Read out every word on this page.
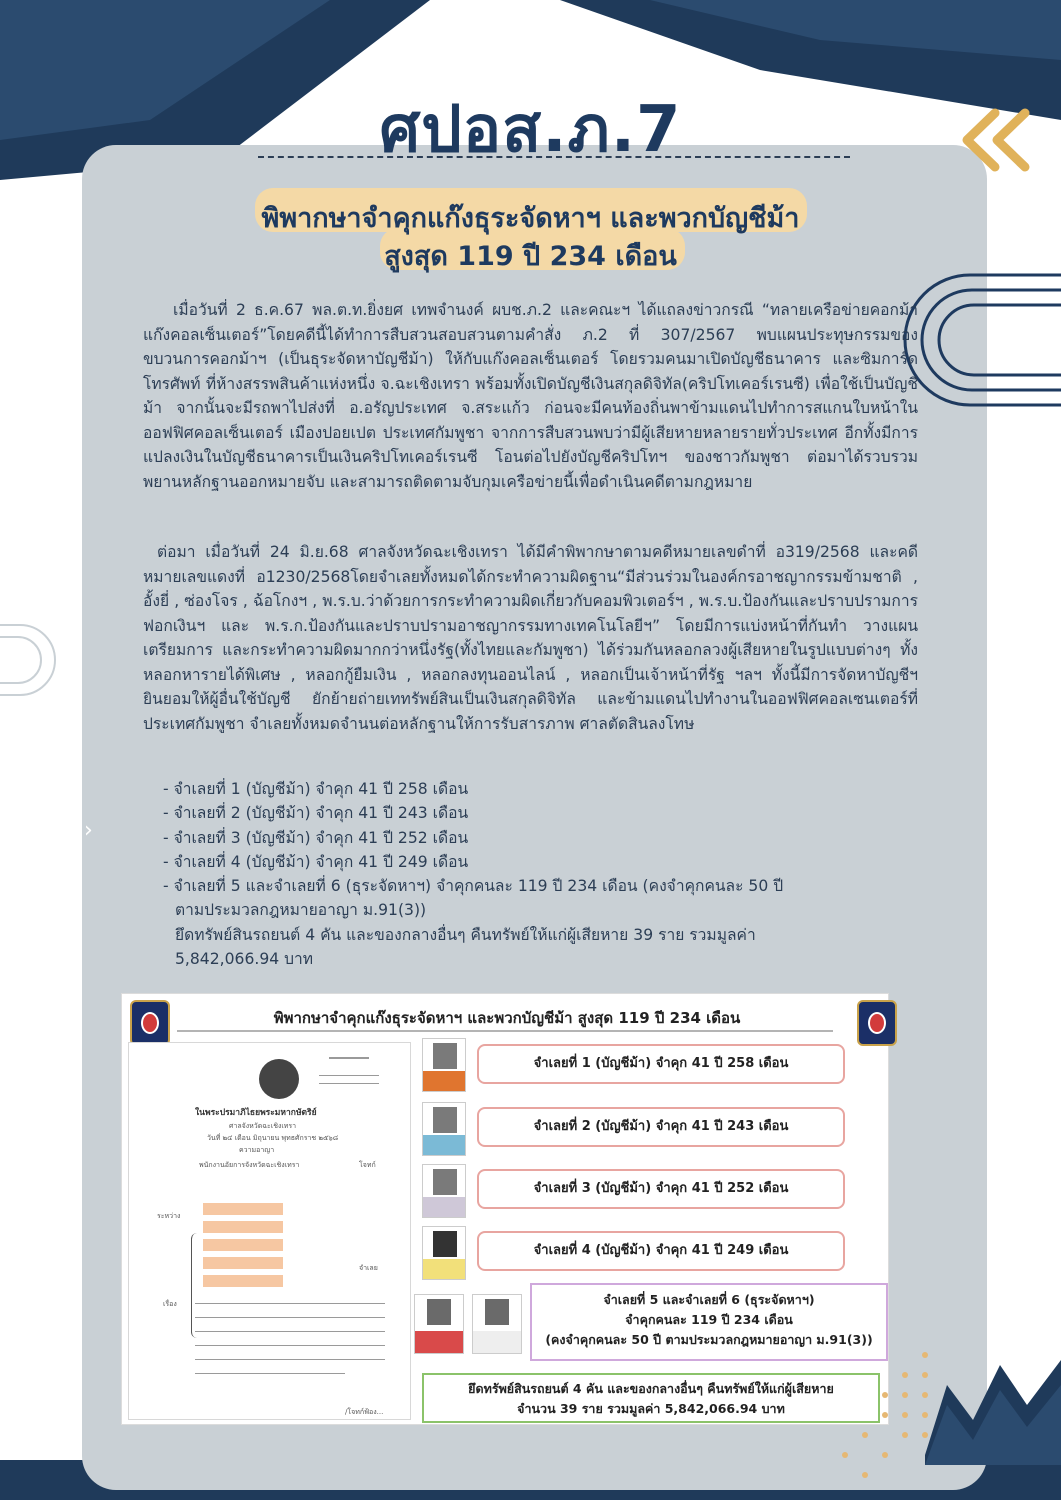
ศปอส.ภ.7
พิพากษาจำคุกแก๊งธุระจัดหาฯ และพวกบัญชีม้า
สูงสุด 119 ปี 234 เดือน
เมื่อวันที่ 2 ธ.ค.67 พล.ต.ท.ยิ่งยศ เทพจำนงค์ ผบช.ภ.2 และคณะฯ ได้แถลงข่าวกรณี “ทลายเครือข่ายคอกม้า แก๊งคอลเซ็นเตอร์”โดยคดีนี้ได้ทำการสืบสวนสอบสวนตามคำสั่ง ภ.2 ที่ 307/2567 พบแผนประทุษกรรมของขบวนการคอกม้าฯ (เป็นธุระจัดหาบัญชีม้า) ให้กับแก๊งคอลเซ็นเตอร์ โดยรวมคนมาเปิดบัญชีธนาคาร และซิมการ์ดโทรศัพท์ ที่ห้างสรรพสินค้าแห่งหนึ่ง จ.ฉะเชิงเทรา พร้อมทั้งเปิดบัญชีเงินสกุลดิจิทัล(คริปโทเคอร์เรนซี) เพื่อใช้เป็นบัญชีม้า จากนั้นจะมีรถพาไปส่งที่ อ.อรัญประเทศ จ.สระแก้ว ก่อนจะมีคนท้องถิ่นพาข้ามแดนไปทำการสแกนใบหน้าในออฟฟิศคอลเซ็นเตอร์ เมืองปอยเปต ประเทศกัมพูชา จากการสืบสวนพบว่ามีผู้เสียหายหลายรายทั่วประเทศ อีกทั้งมีการแปลงเงินในบัญชีธนาคารเป็นเงินคริปโทเคอร์เรนซี โอนต่อไปยังบัญชีคริปโทฯ ของชาวกัมพูชา ต่อมาได้รวบรวมพยานหลักฐานออกหมายจับ และสามารถติดตามจับกุมเครือข่ายนี้เพื่อดำเนินคดีตามกฎหมาย
ต่อมา เมื่อวันที่ 24 มิ.ย.68 ศาลจังหวัดฉะเชิงเทรา ได้มีคำพิพากษาตามคดีหมายเลขดำที่ อ319/2568 และคดีหมายเลขแดงที่ อ1230/2568โดยจำเลยทั้งหมดได้กระทำความผิดฐาน“มีส่วนร่วมในองค์กรอาชญากรรมข้ามชาติ , อั้งยี่ , ซ่องโจร , ฉ้อโกงฯ , พ.ร.บ.ว่าด้วยการกระทำความผิดเกี่ยวกับคอมพิวเตอร์ฯ , พ.ร.บ.ป้องกันและปราบปรามการฟอกเงินฯ และ พ.ร.ก.ป้องกันและปราบปรามอาชญากรรมทางเทคโนโลยีฯ” โดยมีการแบ่งหน้าที่กันทำ วางแผน เตรียมการ และกระทำความผิดมากกว่าหนึ่งรัฐ(ทั้งไทยและกัมพูชา) ได้ร่วมกันหลอกลวงผู้เสียหายในรูปแบบต่างๆ ทั้งหลอกหารายได้พิเศษ , หลอกกู้ยืมเงิน , หลอกลงทุนออนไลน์ , หลอกเป็นเจ้าหน้าที่รัฐ ฯลฯ ทั้งนี้มีการจัดหาบัญชีฯ ยินยอมให้ผู้อื่นใช้บัญชี ยักย้ายถ่ายเททรัพย์สินเป็นเงินสกุลดิจิทัล และข้ามแดนไปทำงานในออฟฟิศคอลเซนเตอร์ที่ประเทศกัมพูชา จำเลยทั้งหมดจำนนต่อหลักฐานให้การรับสารภาพ ศาลตัดสินลงโทษ
›
- จำเลยที่ 1 (บัญชีม้า) จำคุก 41 ปี 258 เดือน
- จำเลยที่ 2 (บัญชีม้า) จำคุก 41 ปี 243 เดือน
- จำเลยที่ 3 (บัญชีม้า) จำคุก 41 ปี 252 เดือน
- จำเลยที่ 4 (บัญชีม้า) จำคุก 41 ปี 249 เดือน
- จำเลยที่ 5 และจำเลยที่ 6 (ธุระจัดหาฯ) จำคุกคนละ 119 ปี 234 เดือน (คงจำคุกคนละ 50 ปี
ตามประมวลกฎหมายอาญา ม.91(3))
ยึดทรัพย์สินรถยนต์ 4 คัน และของกลางอื่นๆ คืนทรัพย์ให้แก่ผู้เสียหาย 39 ราย รวมมูลค่า
5,842,066.94 บาท
พิพากษาจำคุกแก๊งธุระจัดหาฯ และพวกบัญชีม้า สูงสุด 119 ปี 234 เดือน
ในพระปรมาภิไธยพระมหากษัตริย์
ศาลจังหวัดฉะเชิงเทรา
วันที่ ๒๔ เดือน มิถุนายน พุทธศักราช ๒๕๖๘
ความอาญา
พนักงานอัยการจังหวัดฉะเชิงเทรา	โจทก์
ระหว่าง
จำเลย
เรื่อง
/โจทก์ฟ้อง...
จำเลยที่ 1 (บัญชีม้า) จำคุก 41 ปี 258 เดือน
จำเลยที่ 2 (บัญชีม้า) จำคุก 41 ปี 243 เดือน
จำเลยที่ 3 (บัญชีม้า) จำคุก 41 ปี 252 เดือน
จำเลยที่ 4 (บัญชีม้า) จำคุก 41 ปี 249 เดือน
จำเลยที่ 5 และจำเลยที่ 6 (ธุระจัดหาฯ)
จำคุกคนละ 119 ปี 234 เดือน
(คงจำคุกคนละ 50 ปี ตามประมวลกฎหมายอาญา ม.91(3))
ยึดทรัพย์สินรถยนต์ 4 คัน และของกลางอื่นๆ คืนทรัพย์ให้แก่ผู้เสียหาย
จำนวน 39 ราย รวมมูลค่า 5,842,066.94 บาท
